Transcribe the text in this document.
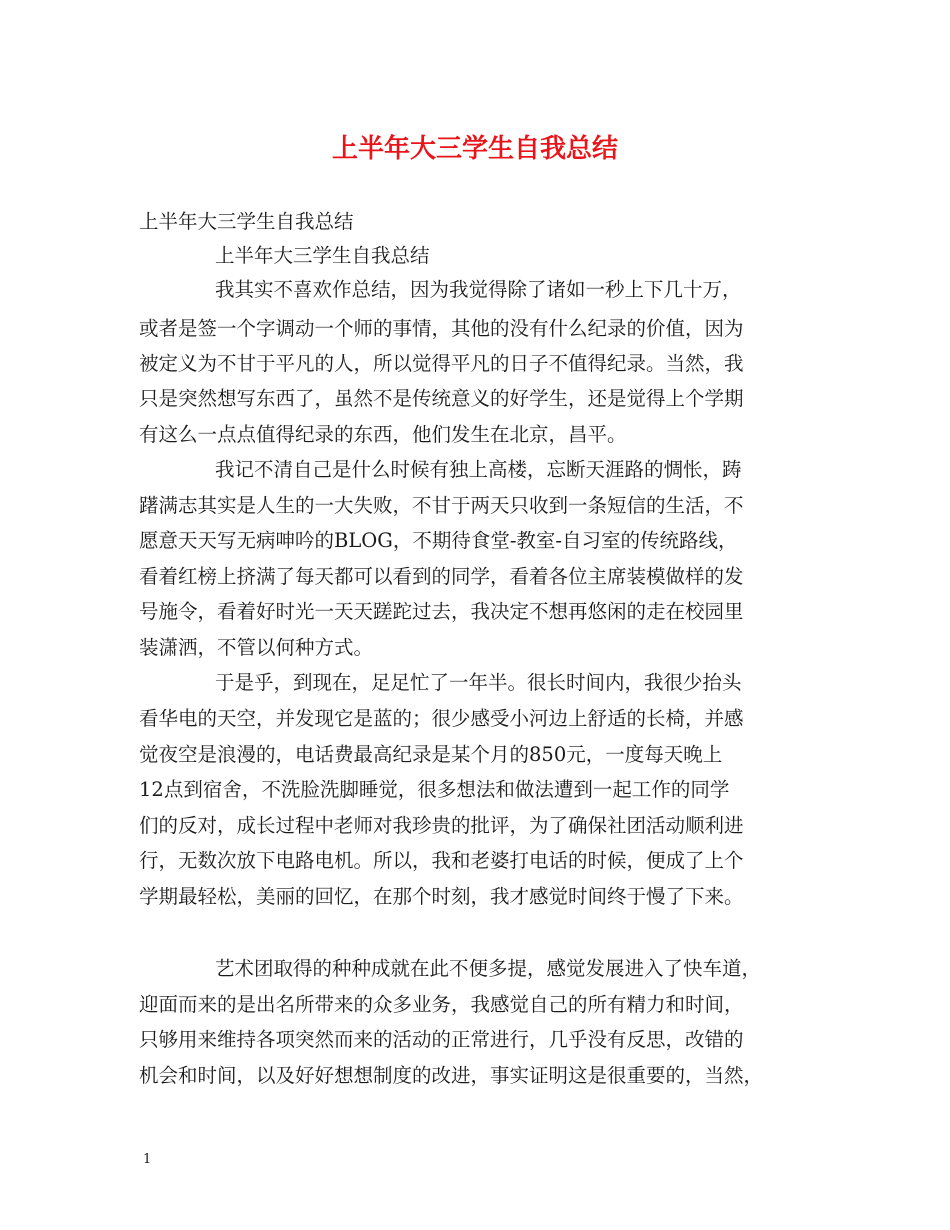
上半年大三学生自我总结

上半年大三学生自我总结

上半年大三学生自我总结

我其实不喜欢作总结，因为我觉得除了诸如一秒上下几十万，

或者是签一个字调动一个师的事情，其他的没有什么纪录的价值，因为

被定义为不甘于平凡的人，所以觉得平凡的日子不值得纪录。当然，我

只是突然想写东西了，虽然不是传统意义的好学生，还是觉得上个学期

有这么一点点值得纪录的东西，他们发生在北京，昌平。

我记不清自己是什么时候有独上高楼，忘断天涯路的惆怅，踌

躇满志其实是人生的一大失败，不甘于两天只收到一条短信的生活，不

愿意天天写无病呻吟的BLOG，不期待食堂-教室-自习室的传统路线，

看着红榜上挤满了每天都可以看到的同学，看着各位主席装模做样的发

号施令，看着好时光一天天蹉跎过去，我决定不想再悠闲的走在校园里

装潇洒，不管以何种方式。

于是乎，到现在，足足忙了一年半。很长时间内，我很少抬头

看华电的天空，并发现它是蓝的；很少感受小河边上舒适的长椅，并感

觉夜空是浪漫的，电话费最高纪录是某个月的850元，一度每天晚上

12点到宿舍，不洗脸洗脚睡觉，很多想法和做法遭到一起工作的同学

们的反对，成长过程中老师对我珍贵的批评，为了确保社团活动顺利进

行，无数次放下电路电机。所以，我和老婆打电话的时候，便成了上个

学期最轻松，美丽的回忆，在那个时刻，我才感觉时间终于慢了下来。

艺术团取得的种种成就在此不便多提，感觉发展进入了快车道，

迎面而来的是出名所带来的众多业务，我感觉自己的所有精力和时间，

只够用来维持各项突然而来的活动的正常进行，几乎没有反思，改错的

机会和时间，以及好好想想制度的改进，事实证明这是很重要的，当然，

1
